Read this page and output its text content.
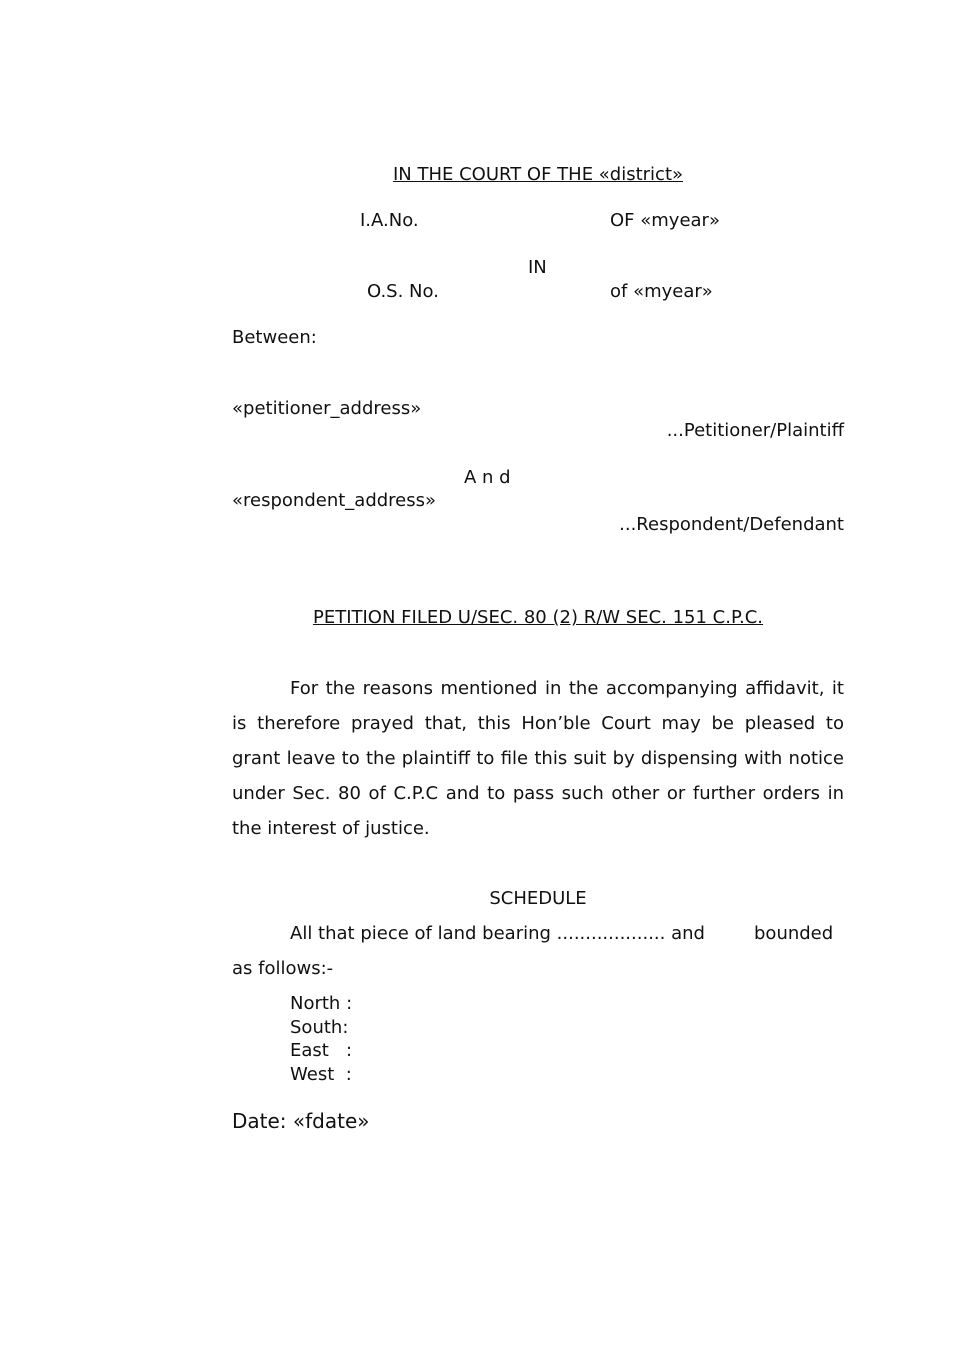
IN THE COURT OF THE «district»
I.A.No.	OF «myear»
IN
O.S. No.	of «myear»
Between:
«petitioner_address»
...Petitioner/Plaintiff
A n d
«respondent_address»
...Respondent/Defendant
PETITION FILED U/SEC. 80 (2) R/W SEC. 151 C.P.C.
For the reasons mentioned in the accompanying affidavit, it is therefore prayed that, this Hon’ble Court may be pleased to grant leave to the plaintiff to file this suit by dispensing with notice under Sec. 80 of C.P.C and to pass such other or further orders in the interest of justice.
SCHEDULE
All that piece of land bearing ................... and	bounded
as follows:-
North :
South:
East   :
West  :
Date: «fdate»
